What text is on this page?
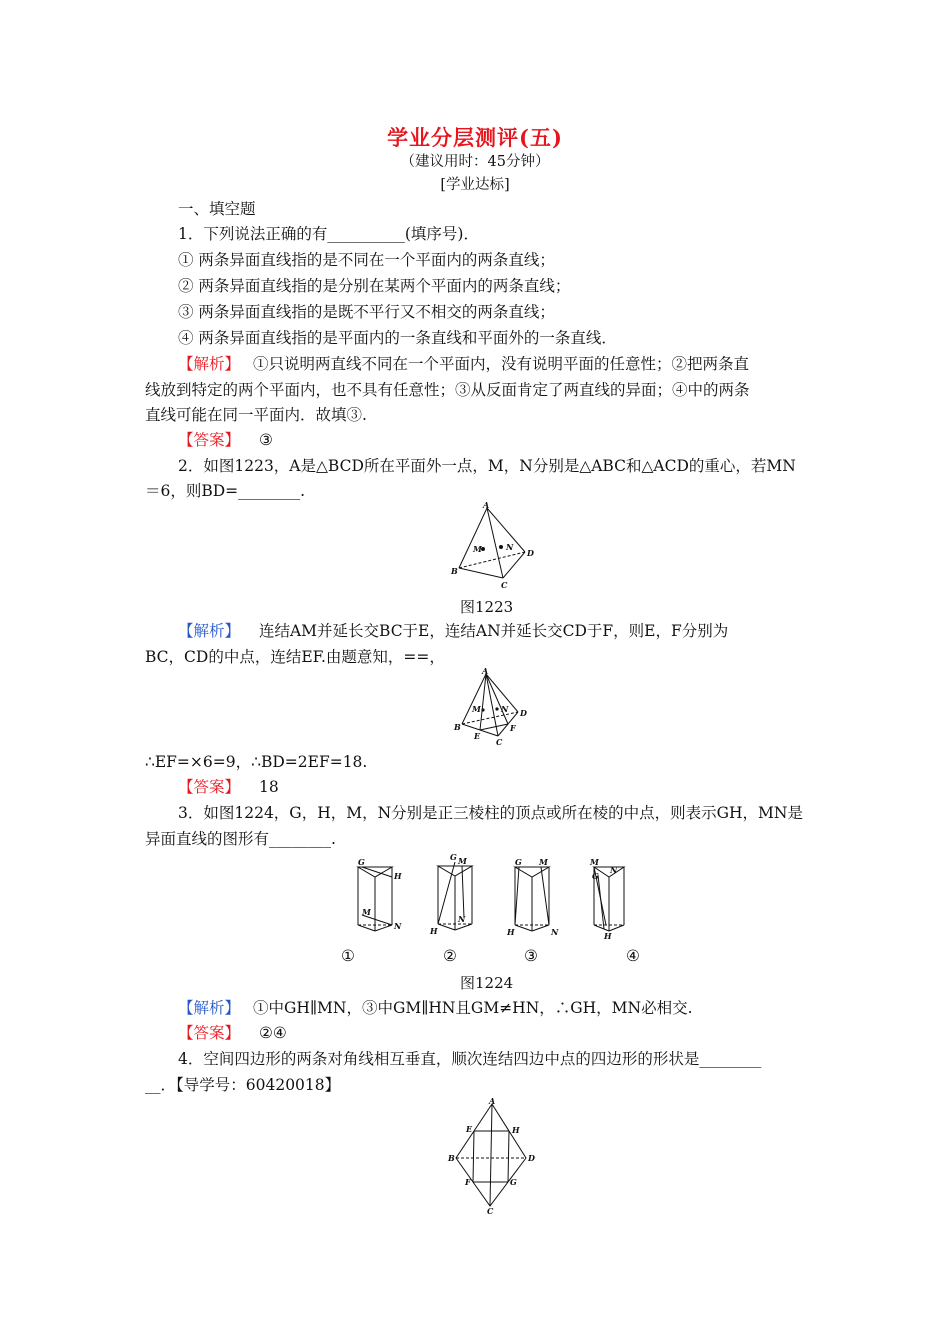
学业分层测评(五)
（建议用时：45分钟）
[学业达标]
一、填空题
1．下列说法正确的有__________(填序号)．
① 两条异面直线指的是不同在一个平面内的两条直线；
② 两条异面直线指的是分别在某两个平面内的两条直线；
③ 两条异面直线指的是既不平行又不相交的两条直线；
④ 两条异面直线指的是平面内的一条直线和平面外的一条直线．
【解析】 ①只说明两直线不同在一个平面内，没有说明平面的任意性；②把两条直
线放到特定的两个平面内，也不具有任意性；③从反面肯定了两直线的异面；④中的两条
直线可能在同一平面内．故填③.
【答案】 ③
2．如图1223，A是△BCD所在平面外一点，M，N分别是△ABC和△ACD的重心，若MN
＝6，则BD=________.
A
B
C
D
M	N
图1223
【解析】 连结AM并延长交BC于E，连结AN并延长交CD于F，则E，F分别为
BC，CD的中点，连结EF.由题意知，==，
A
B
C
D
E
F
M	N
∴EF=×6=9，∴BD=2EF=18.
【答案】 18
3．如图1224，G，H，M，N分别是正三棱柱的顶点或所在棱的中点，则表示GH，MN是
异面直线的图形有________.
G
H
M
N
G M
H
N
G M
H	N
M
G
N
H
①	②	③	④
图1224
【解析】 ①中GH∥MN，③中GM∥HN且GM≠HN，∴GH，MN必相交.
【答案】 ②④
4．空间四边形的两条对角线相互垂直，顺次连结四边中点的四边形的形状是________
__．【导学号：60420018】
A
B
C
D
E	H
F	G
